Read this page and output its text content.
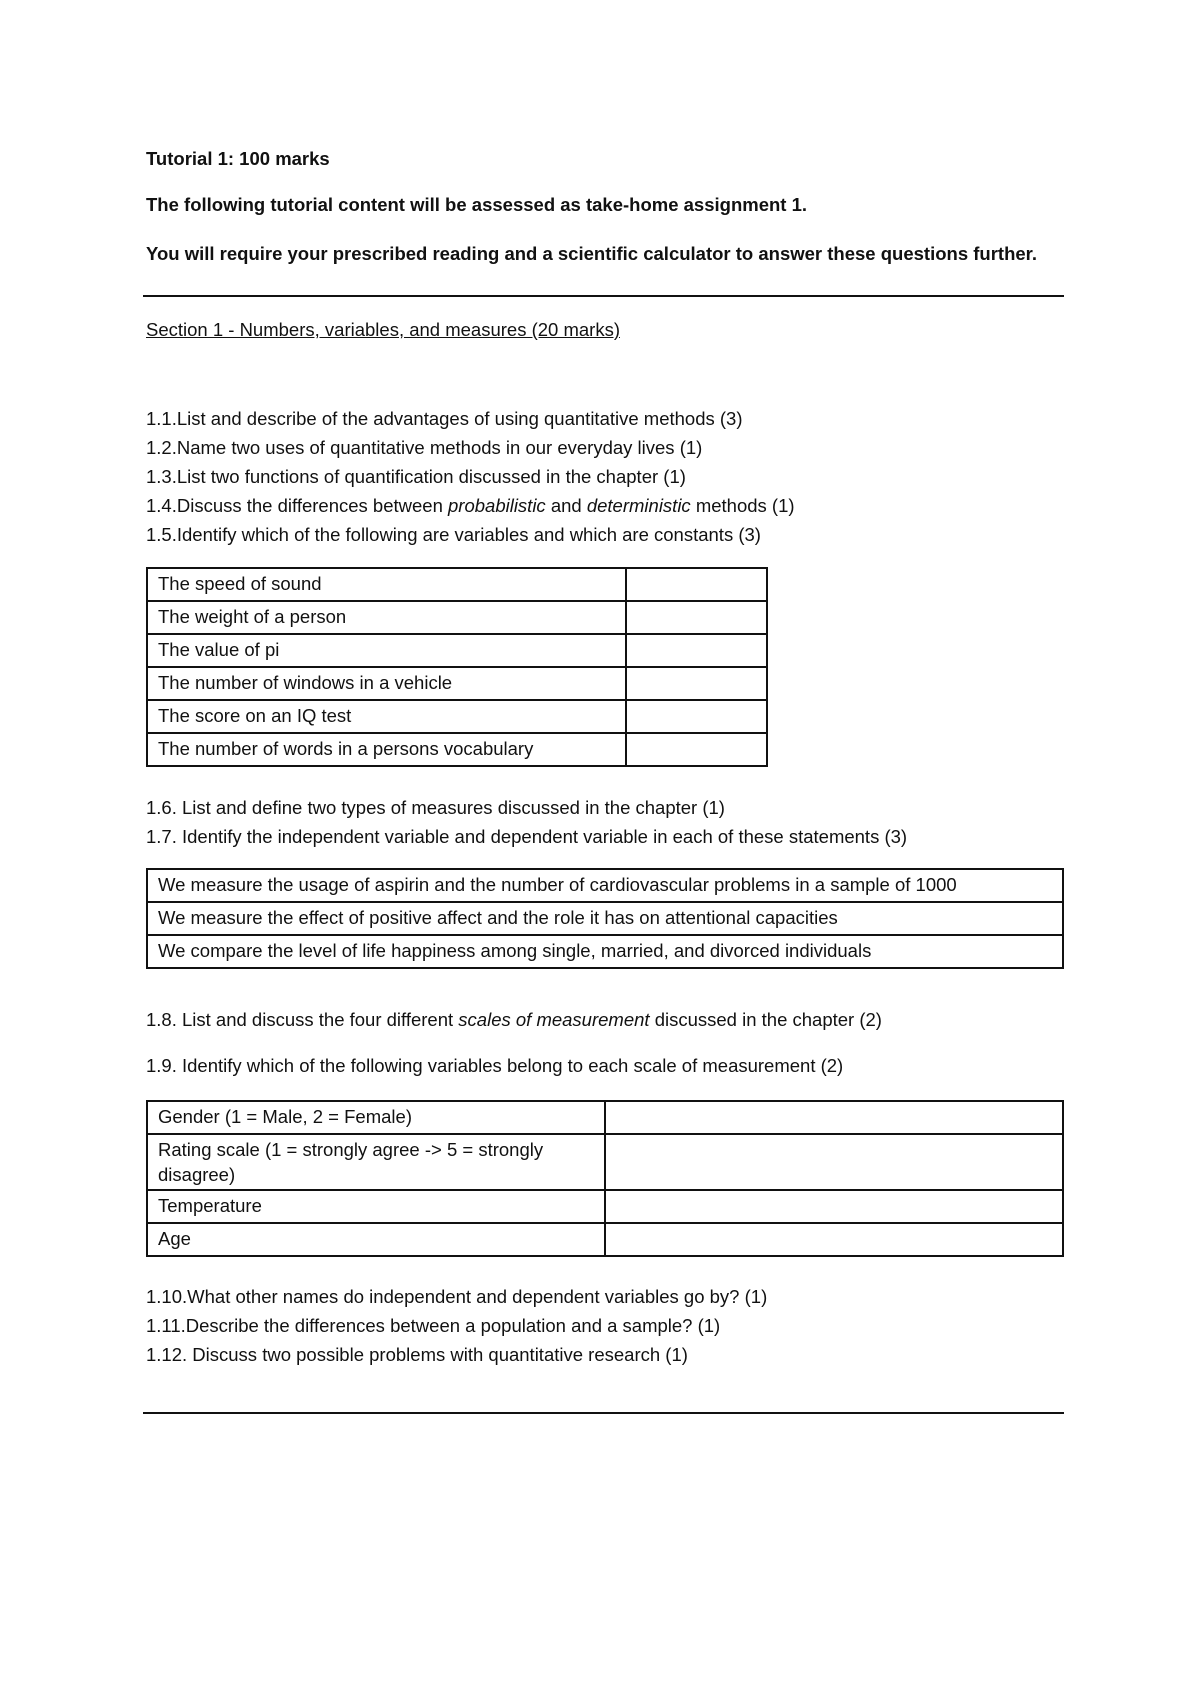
Tutorial 1: 100 marks
The following tutorial content will be assessed as take-home assignment 1.
You will require your prescribed reading and a scientific calculator to answer these questions further.
Section 1 - Numbers, variables, and measures (20 marks)
1.1.List and describe of the advantages of using quantitative methods (3)
1.2.Name two uses of quantitative methods in our everyday lives (1)
1.3.List two functions of quantification discussed in the chapter (1)
1.4.Discuss the differences between probabilistic and deterministic methods (1)
1.5.Identify which of the following are variables and which are constants (3)
The speed of sound	
The weight of a person	
The value of pi	
The number of windows in a vehicle	
The score on an IQ test	
The number of words in a persons vocabulary	
1.6. List and define two types of measures discussed in the chapter (1)
1.7. Identify the independent variable and dependent variable in each of these statements (3)
We measure the usage of aspirin and the number of cardiovascular problems in a sample of 1000
We measure the effect of positive affect and the role it has on attentional capacities
We compare the level of life happiness among single, married, and divorced individuals
1.8. List and discuss the four different scales of measurement discussed in the chapter (2)
1.9. Identify which of the following variables belong to each scale of measurement (2)
Gender (1 = Male, 2 = Female)	
Rating scale (1 = strongly agree -> 5 = strongly disagree)	
Temperature	
Age	
1.10.What other names do independent and dependent variables go by? (1)
1.11.Describe the differences between a population and a sample? (1)
1.12. Discuss two possible problems with quantitative research (1)
